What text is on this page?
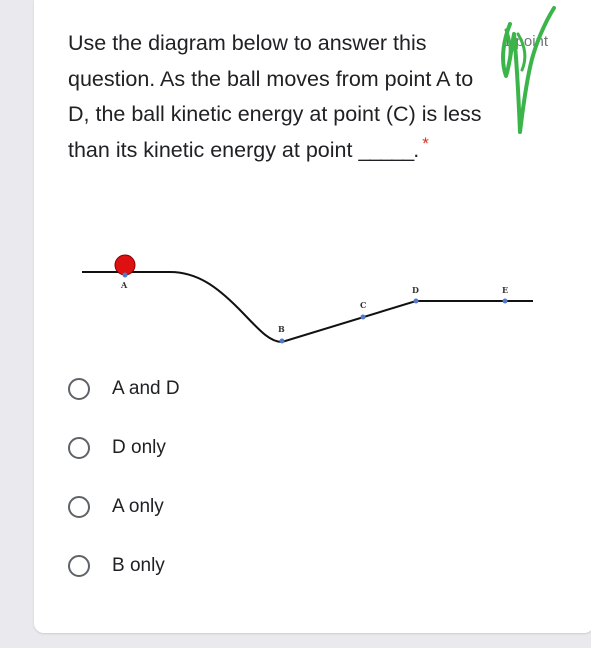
Use the diagram below to answer this question. As the ball moves from point A to D, the ball kinetic energy at point (C) is less than its kinetic energy at point _____. *

1 point

A
B
C
D	E
A and D
D only
A only
B only
